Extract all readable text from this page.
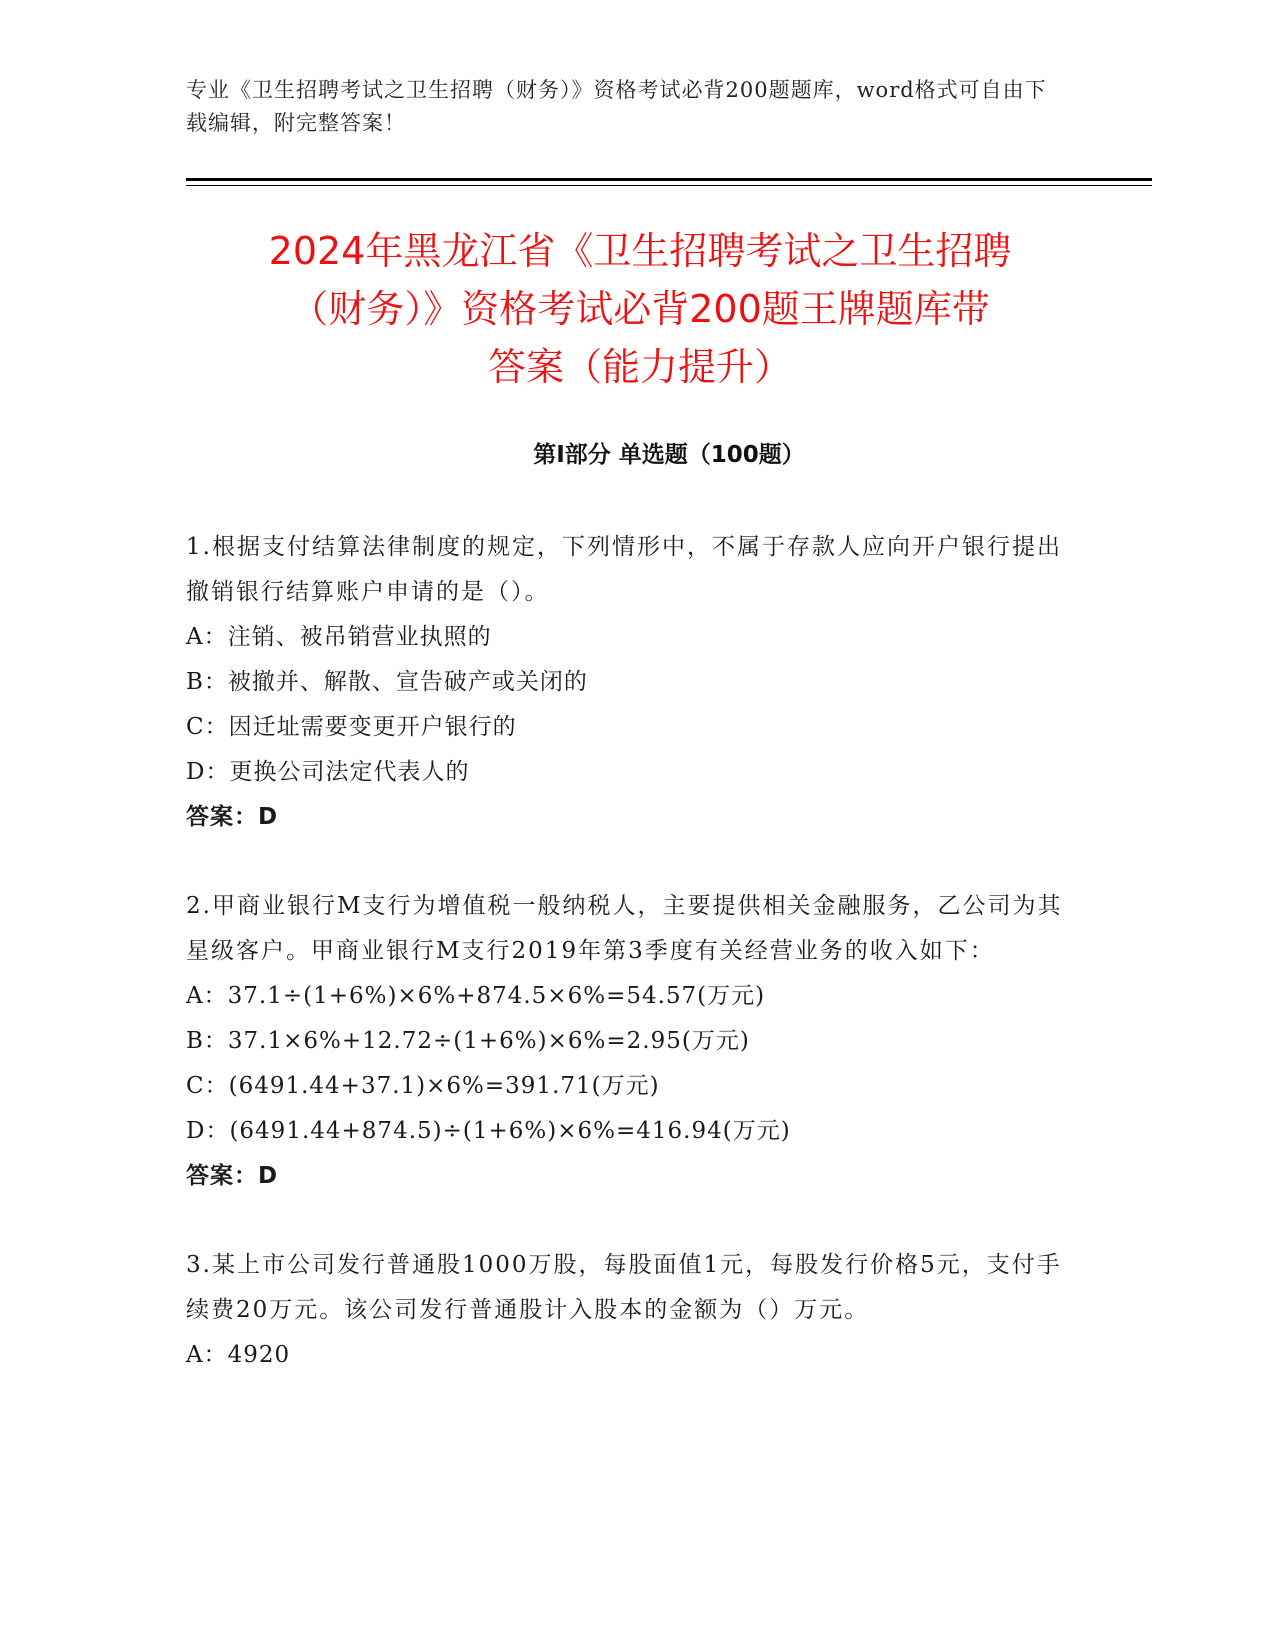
专业《卫生招聘考试之卫生招聘（财务）》资格考试必背200题题库，word格式可自由下载编辑，附完整答案！
2024年黑龙江省《卫生招聘考试之卫生招聘
（财务）》资格考试必背200题王牌题库带
答案（能力提升）
第Ⅰ部分 单选题（100题）
1.根据支付结算法律制度的规定，下列情形中，不属于存款人应向开户银行提出撤销银行结算账户申请的是（）。
A：注销、被吊销营业执照的
B：被撤并、解散、宣告破产或关闭的
C：因迁址需要变更开户银行的
D：更换公司法定代表人的
答案：D
2.甲商业银行M支行为增值税一般纳税人，主要提供相关金融服务，乙公司为其星级客户。甲商业银行M支行2019年第3季度有关经营业务的收入如下：
A：37.1÷(1+6%)×6%+874.5×6%=54.57(万元)
B：37.1×6%+12.72÷(1+6%)×6%=2.95(万元)
C：(6491.44+37.1)×6%=391.71(万元)
D：(6491.44+874.5)÷(1+6%)×6%=416.94(万元)
答案：D
3.某上市公司发行普通股1000万股，每股面值1元，每股发行价格5元，支付手续费20万元。该公司发行普通股计入股本的金额为（）万元。
A：4920
